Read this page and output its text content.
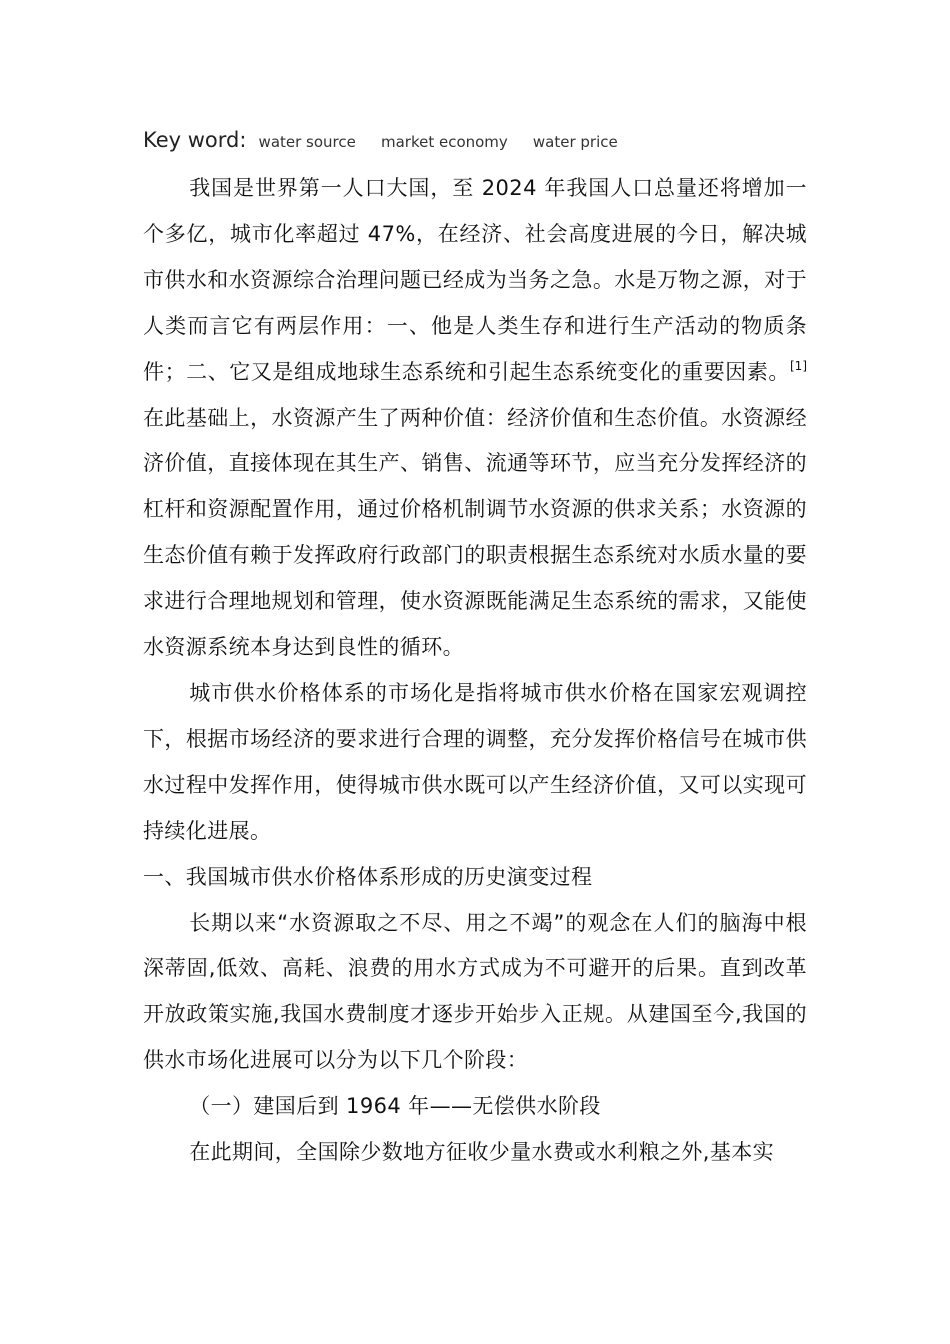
Key word: water source market economy water price

我国是世界第一人口大国，至 2024 年我国人口总量还将增加一个多亿，城市化率超过 47%，在经济、社会高度进展的今日，解决城市供水和水资源综合治理问题已经成为当务之急。水是万物之源，对于人类而言它有两层作用：一、他是人类生存和进行生产活动的物质条件；二、它又是组成地球生态系统和引起生态系统变化的重要因素。[1]在此基础上，水资源产生了两种价值：经济价值和生态价值。水资源经济价值，直接体现在其生产、销售、流通等环节，应当充分发挥经济的杠杆和资源配置作用，通过价格机制调节水资源的供求关系；水资源的生态价值有赖于发挥政府行政部门的职责根据生态系统对水质水量的要求进行合理地规划和管理，使水资源既能满足生态系统的需求，又能使水资源系统本身达到良性的循环。

城市供水价格体系的市场化是指将城市供水价格在国家宏观调控下，根据市场经济的要求进行合理的调整，充分发挥价格信号在城市供水过程中发挥作用，使得城市供水既可以产生经济价值，又可以实现可持续化进展。

一、我国城市供水价格体系形成的历史演变过程

长期以来“水资源取之不尽、用之不竭”的观念在人们的脑海中根深蒂固,低效、高耗、浪费的用水方式成为不可避开的后果。直到改革开放政策实施,我国水费制度才逐步开始步入正规。从建国至今,我国的供水市场化进展可以分为以下几个阶段：

（一）建国后到 1964 年——无偿供水阶段

在此期间，全国除少数地方征收少量水费或水利粮之外,基本实
